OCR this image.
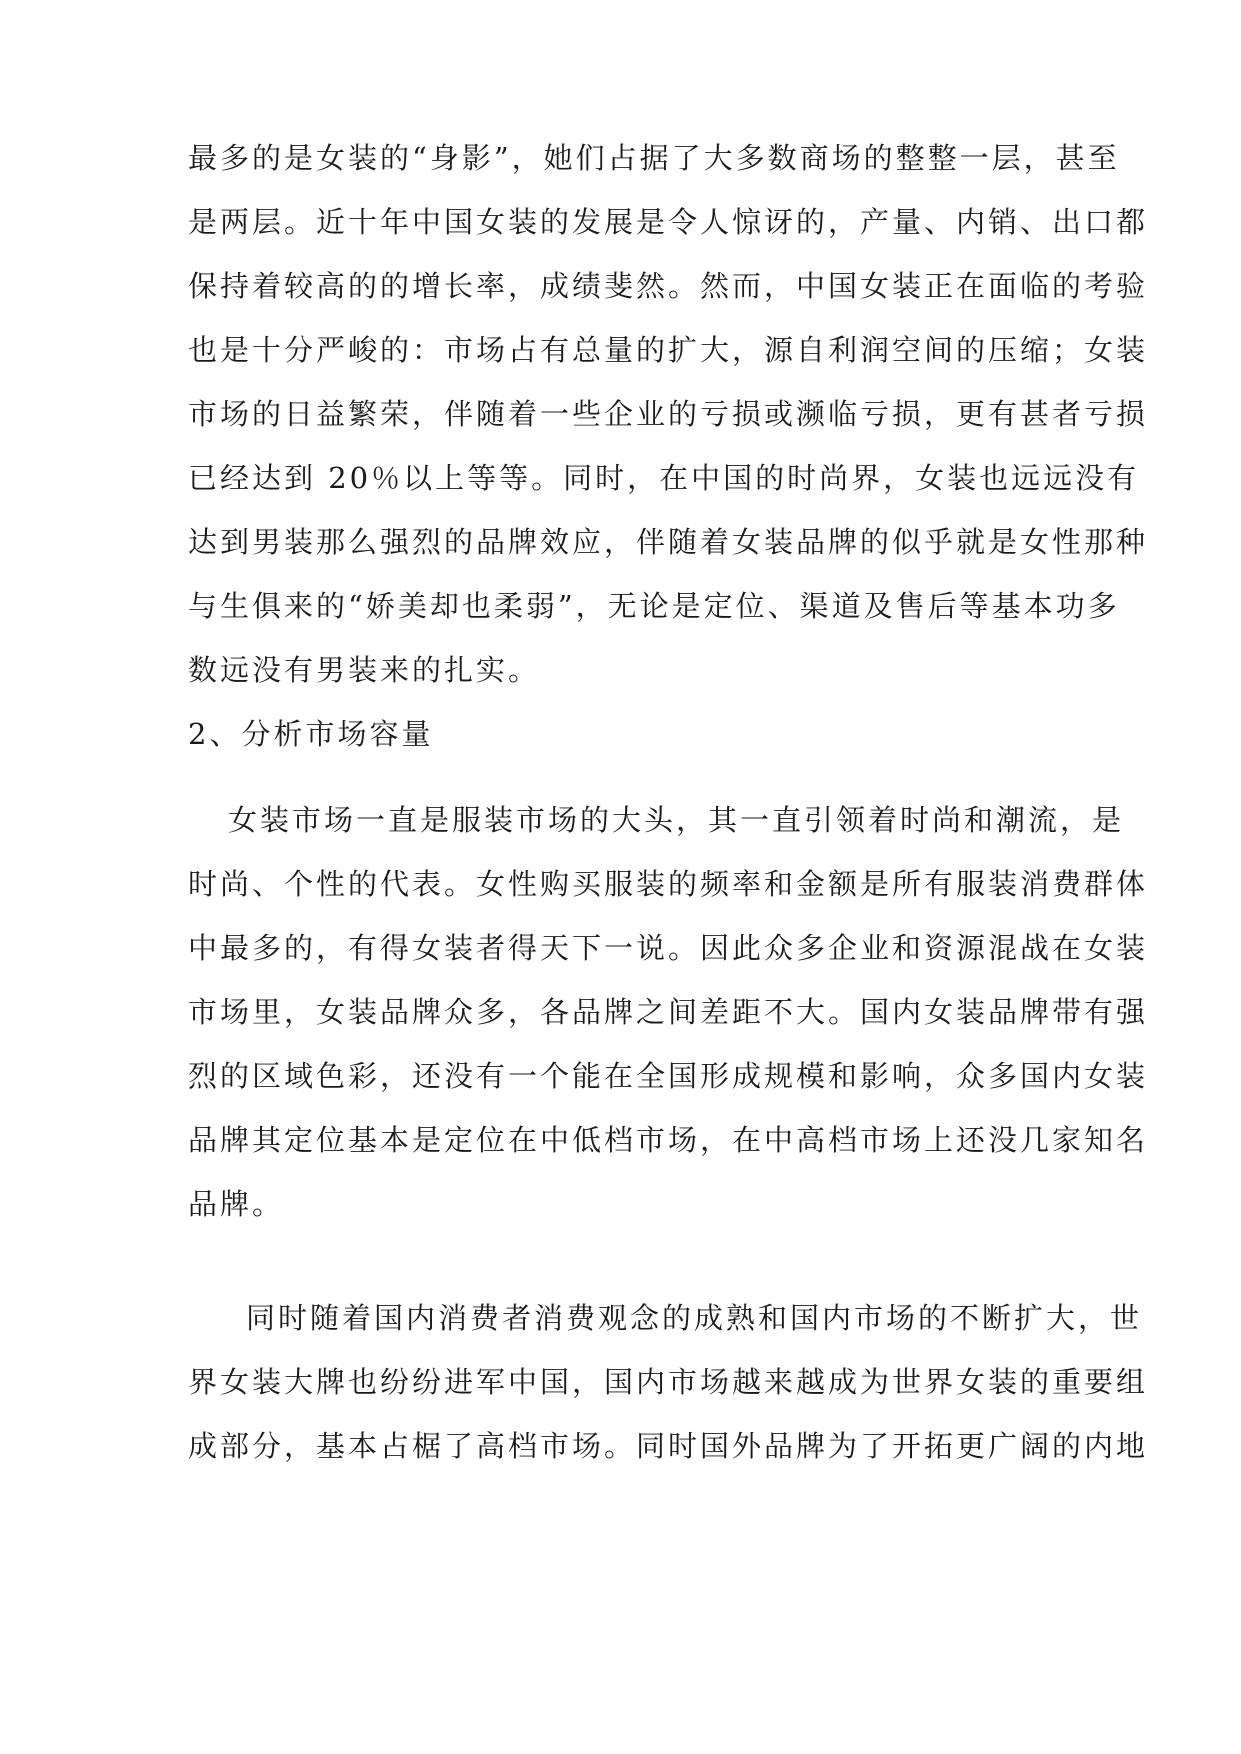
最多的是女装的“身影”，她们占据了大多数商场的整整一层，甚至
是两层。近十年中国女装的发展是令人惊讶的，产量、内销、出口都
保持着较高的的增长率，成绩斐然。然而，中国女装正在面临的考验
也是十分严峻的：市场占有总量的扩大，源自利润空间的压缩；女装
市场的日益繁荣，伴随着一些企业的亏损或濒临亏损，更有甚者亏损
已经达到 20％以上等等。同时，在中国的时尚界，女装也远远没有
达到男装那么强烈的品牌效应，伴随着女装品牌的似乎就是女性那种
与生俱来的“娇美却也柔弱”，无论是定位、渠道及售后等基本功多
数远没有男装来的扎实。
2、分析市场容量
女装市场一直是服装市场的大头，其一直引领着时尚和潮流，是
时尚、个性的代表。女性购买服装的频率和金额是所有服装消费群体
中最多的，有得女装者得天下一说。因此众多企业和资源混战在女装
市场里，女装品牌众多，各品牌之间差距不大。国内女装品牌带有强
烈的区域色彩，还没有一个能在全国形成规模和影响，众多国内女装
品牌其定位基本是定位在中低档市场，在中高档市场上还没几家知名
品牌。
同时随着国内消费者消费观念的成熟和国内市场的不断扩大，世
界女装大牌也纷纷进军中国，国内市场越来越成为世界女装的重要组
成部分，基本占椐了高档市场。同时国外品牌为了开拓更广阔的内地
